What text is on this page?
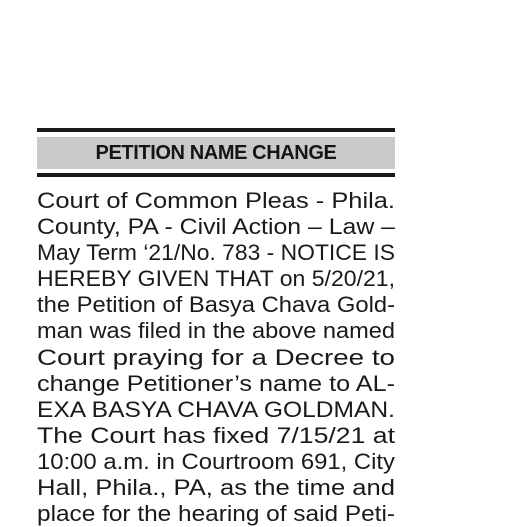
PETITION NAME CHANGE
Court of Common Pleas - Phila.
County, PA - Civil Action – Law –
May Term ‘21/No. 783 - NOTICE IS
HEREBY GIVEN THAT on 5/20/21,
the Petition of Basya Chava Gold-
man was filed in the above named
Court praying for a Decree to
change Petitioner’s name to AL-
EXA BASYA CHAVA GOLDMAN.
The Court has fixed 7/15/21 at
10:00 a.m. in Courtroom 691, City
Hall, Phila., PA, as the time and
place for the hearing of said Peti-
